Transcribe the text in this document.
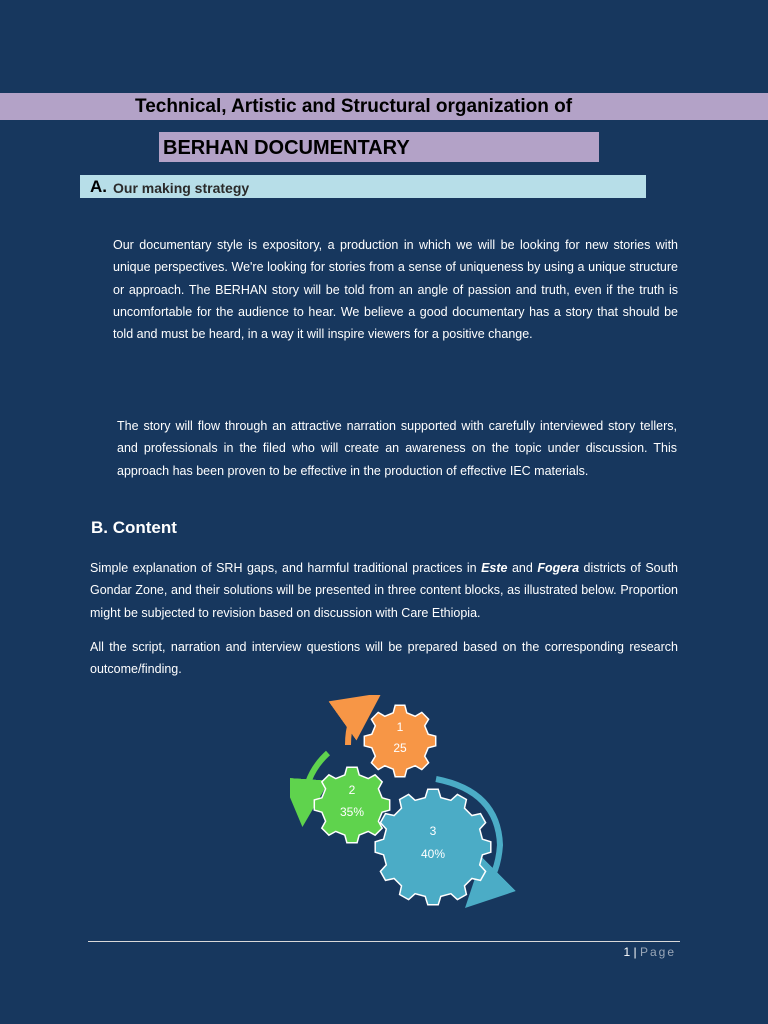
Technical, Artistic and Structural organization of
BERHAN DOCUMENTARY
A. Our making strategy
Our documentary style is expository, a production in which we will be looking for new stories with unique perspectives. We're looking for stories from a sense of uniqueness by using a unique structure or approach. The BERHAN story will be told from an angle of passion and truth, even if the truth is uncomfortable for the audience to hear. We believe a good documentary has a story that should be told and must be heard, in a way it will inspire viewers for a positive change.
The story will flow through an attractive narration supported with carefully interviewed story tellers, and professionals in the filed who will create an awareness on the topic under discussion. This approach has been proven to be effective in the production of effective IEC materials.
B. Content
Simple explanation of SRH gaps, and harmful traditional practices in Este and Fogera districts of South Gondar Zone, and their solutions will be presented in three content blocks, as illustrated below. Proportion might be subjected to revision based on discussion with Care Ethiopia.
All the script, narration and interview questions will be prepared based on the corresponding research outcome/finding.
1
25
2
35%
3
40%
1 | Page
